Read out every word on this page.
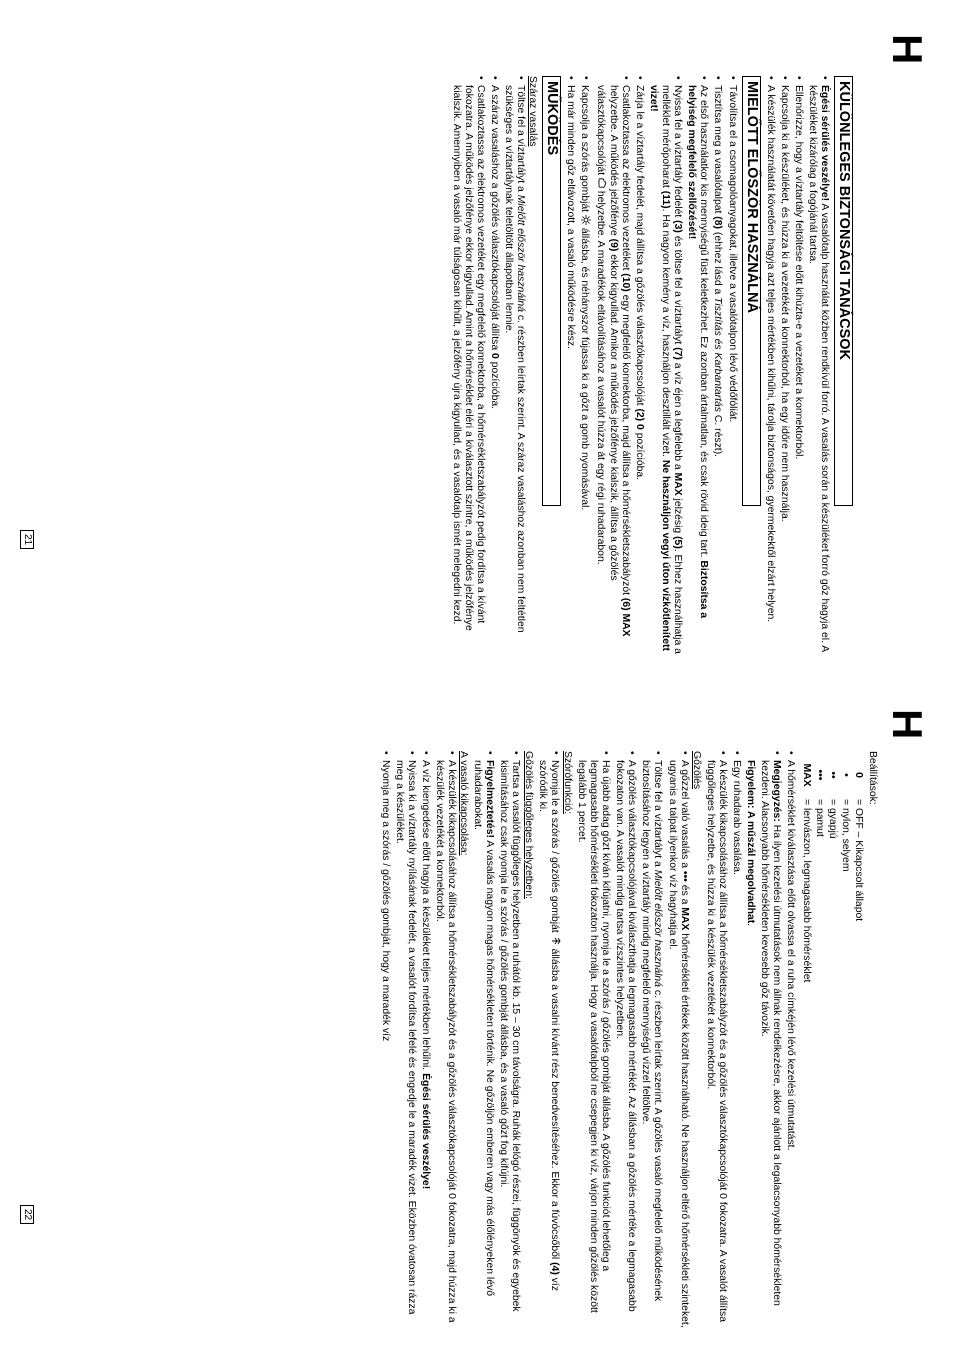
H
KÜLÖNLEGES BIZTONSÁGI TANÁCSOK
• Égési sérülés veszélye! A vasalótalp használat közben rendkívül forró. A vasalás során a készüléket forró gőz hagyja el. A készüléket kizárólag a fogójánál tartsa.
• Ellenőrizze, hogy a víztartály feltöltése előtt kihúzta-e a vezetéket a konnektorból.
• Kapcsolja ki a készüléket, és húzza ki a vezetékét a konnektorból, ha egy időre nem használja.
• A készülék használatát követően hagyja azt teljes mértékben kihűlni, tárolja biztonságos, gyermekektől elzárt helyen.
MIELŐTT ELŐSZÖR HASZNÁLNÁ
• Távolítsa el a csomagolóanyagokat, illetve a vasalótalpon lévő védőfóliát.
• Tisztítsa meg a vasalótalpat (8) (ehhez lásd a Tisztítás és Karbantartás C. részt).
• Az első használatkor kis mennyiségű füst keletkezhet. Ez azonban ártalmatlan, és csak rövid ideig tart. Biztosítsa a helyiség megfelelő szellőzését!
• Nyissa fel a víztartály fedelét (3) és töltse fel a víztartályt (7) a víz éjen a legfelebb a MAX jelzésig (5). Ehhez használhatja a melléklet mérőpoharat (11). Ha nagyon kemény a víz, használjon desztillált vizet. Ne használjon vegyi úton vízkőtlenített vizet!
• Zárja le a víztartály fedelét, majd állítsa a gőzölés választókapcsolóját (2) 0 pozícióba.
• Csatlakoztassa az elektromos vezetéket (10) egy megfelelő konnektorba, majd állítsa a hőmérsékletszabályzót (6) MAX helyzetbe. A működés jelzőfénye (9) ekkor kigyullad. Amikor a működés jelzőfénye kialszik, állítsa a gőzölés választókapcsolóját  helyzetbe. A maradékok eltávolításához a vasalót húzza át egy régi ruhadarabon.
• Kapcsolja a szórás gombját  állásba, és néhányszor fújassa ki a gőzt a gomb nyomásával.
• Ha már minden gőz eltávozott, a vasaló működésre kész.
MŰKÖDÉS
Száraz vasalás
• Töltse fel a víztartályt a Mielőtt először használná c. részben leírtak szerint. A száraz vasaláshoz azonban nem feltétlen szükséges a víztartálynak teletöltött állapotban lennie.
• A száraz vasaláshoz a gőzölés választókapcsolóját állítsa 0 pozícióba.
• Csatlakoztassa az elektromos vezetéket egy megfelelő konnektorba, a hőmérsékletszabályzót pedig fordítsa a kívánt fokozatra. A működés jelzőfénye ekkor kigyullad. Amint a hőmérséklet eléri a kiválasztott szintre, a működés jelzőfénye kialszik. Amennyiben a vasaló már túlságosan kihűlt, a jelzőfény újra kigyullad, és a vasalótalp ismét melegedni kezd.
21
H

Beállítások:

0
= OFF – Kikapcsolt állapot
•
= nylon, selyem
••
= gyapjú
•••
= pamut
MAX
= lenvászon, legmagasabb hőmérséklet
• A hőmérséklet kiválasztása előtt olvassa el a ruha címkéjén lévő kezelési útmutatást.
• Megjegyzés: Ha ilyen kezelési útmutatások nem állnak rendelkezésre, akkor ajánlott a legalacsonyabb hőmérsékleten kezdeni. Alacsonyabb hőmérsékleten kevesebb gőz távozik.

Figyelem: A műszál megolvadhat.

• Egy ruhadarab vasalása.
• A készülék kikapcsolásához állítsa a hőmérsékletszabályzót és a gőzölés választókapcsolóját 0 fokozatra. A vasalót állítsa függőleges helyzetbe, és húzza ki a készülék vezetékét a konnektorból.
Gőzölés
• A gőzzel való vasalás a ••• és a MAX hőmérsékleti értékek között használható. Ne használjon eltérő hőmérsékleti szinteket, ugyanis a talpat ilyenkor víz hagyhatja el.
• Töltse fel a víztartályt a Mielőtt először használná c. részben leírtak szerint. A gőzölés vasaló megfelelő működésének biztosításához legyen a víztartály mindig megfelelő mennyiségű vízzel feltöltve.
• A gőzölés választókapcsolójával kiválaszthatja a legmagasabb mértékét. Az állásban a gőzölés mértéke a legmagasabb fokozaton van. A vasalót mindig tartsa vízszintes helyzetben.
• Ha újabb adag gőzt kíván kifújatni, nyomja le a szórás / gőzölés gombját állásba. A gőzölés funkciót lehetőleg a legmagasabb hőmérsékleti fokozaton használja. Hogy a vasalótalpból ne csepegjen ki víz, várjon minden gőzölés között legalább 1 percet.
Szórófunkció:
• Nyomja le a szórás / gőzölés gombját  állásba a vasalni kívánt rész benedvesítéséhez. Ekkor a fúvócsőből (4) víz szóródik ki.
Gőzölés függőleges helyzetben:
• Tartsa a vasalót függőleges helyzetben a ruhától kb. 15 – 30 cm távolságra. Ruhák lelógó részei, függönyök és egyebek kisimításához csak nyomja le a szórás / gőzölés gombját állásba, és a vasaló gőzt fog kifújni.
• Figyelmeztetés! A vasalás nagyon magas hőmérsékleten történik. Ne gőzöljön emberen vagy más élőlényeken lévő ruhadarabokat.
A vasaló kikapcsolása:
• A készülék kikapcsolásához állítsa a hőmérsékletszabályzót és a gőzölés választókapcsolóját 0 fokozatra, majd húzza ki a készülék vezetékét a konnektorból.
• A víz kiengedése előtt hagyja a készüléket teljes mértékben lehűlni. Égési sérülés veszélye!
• Nyissa ki a víztartály nyílásának fedelét, a vasalót fordítsa lefelé és engedje le a maradék vizet. Eközben óvatosan rázza meg a készüléket.
• Nyomja meg a szórás / gőzölés gombját, hogy a maradék víz
22
